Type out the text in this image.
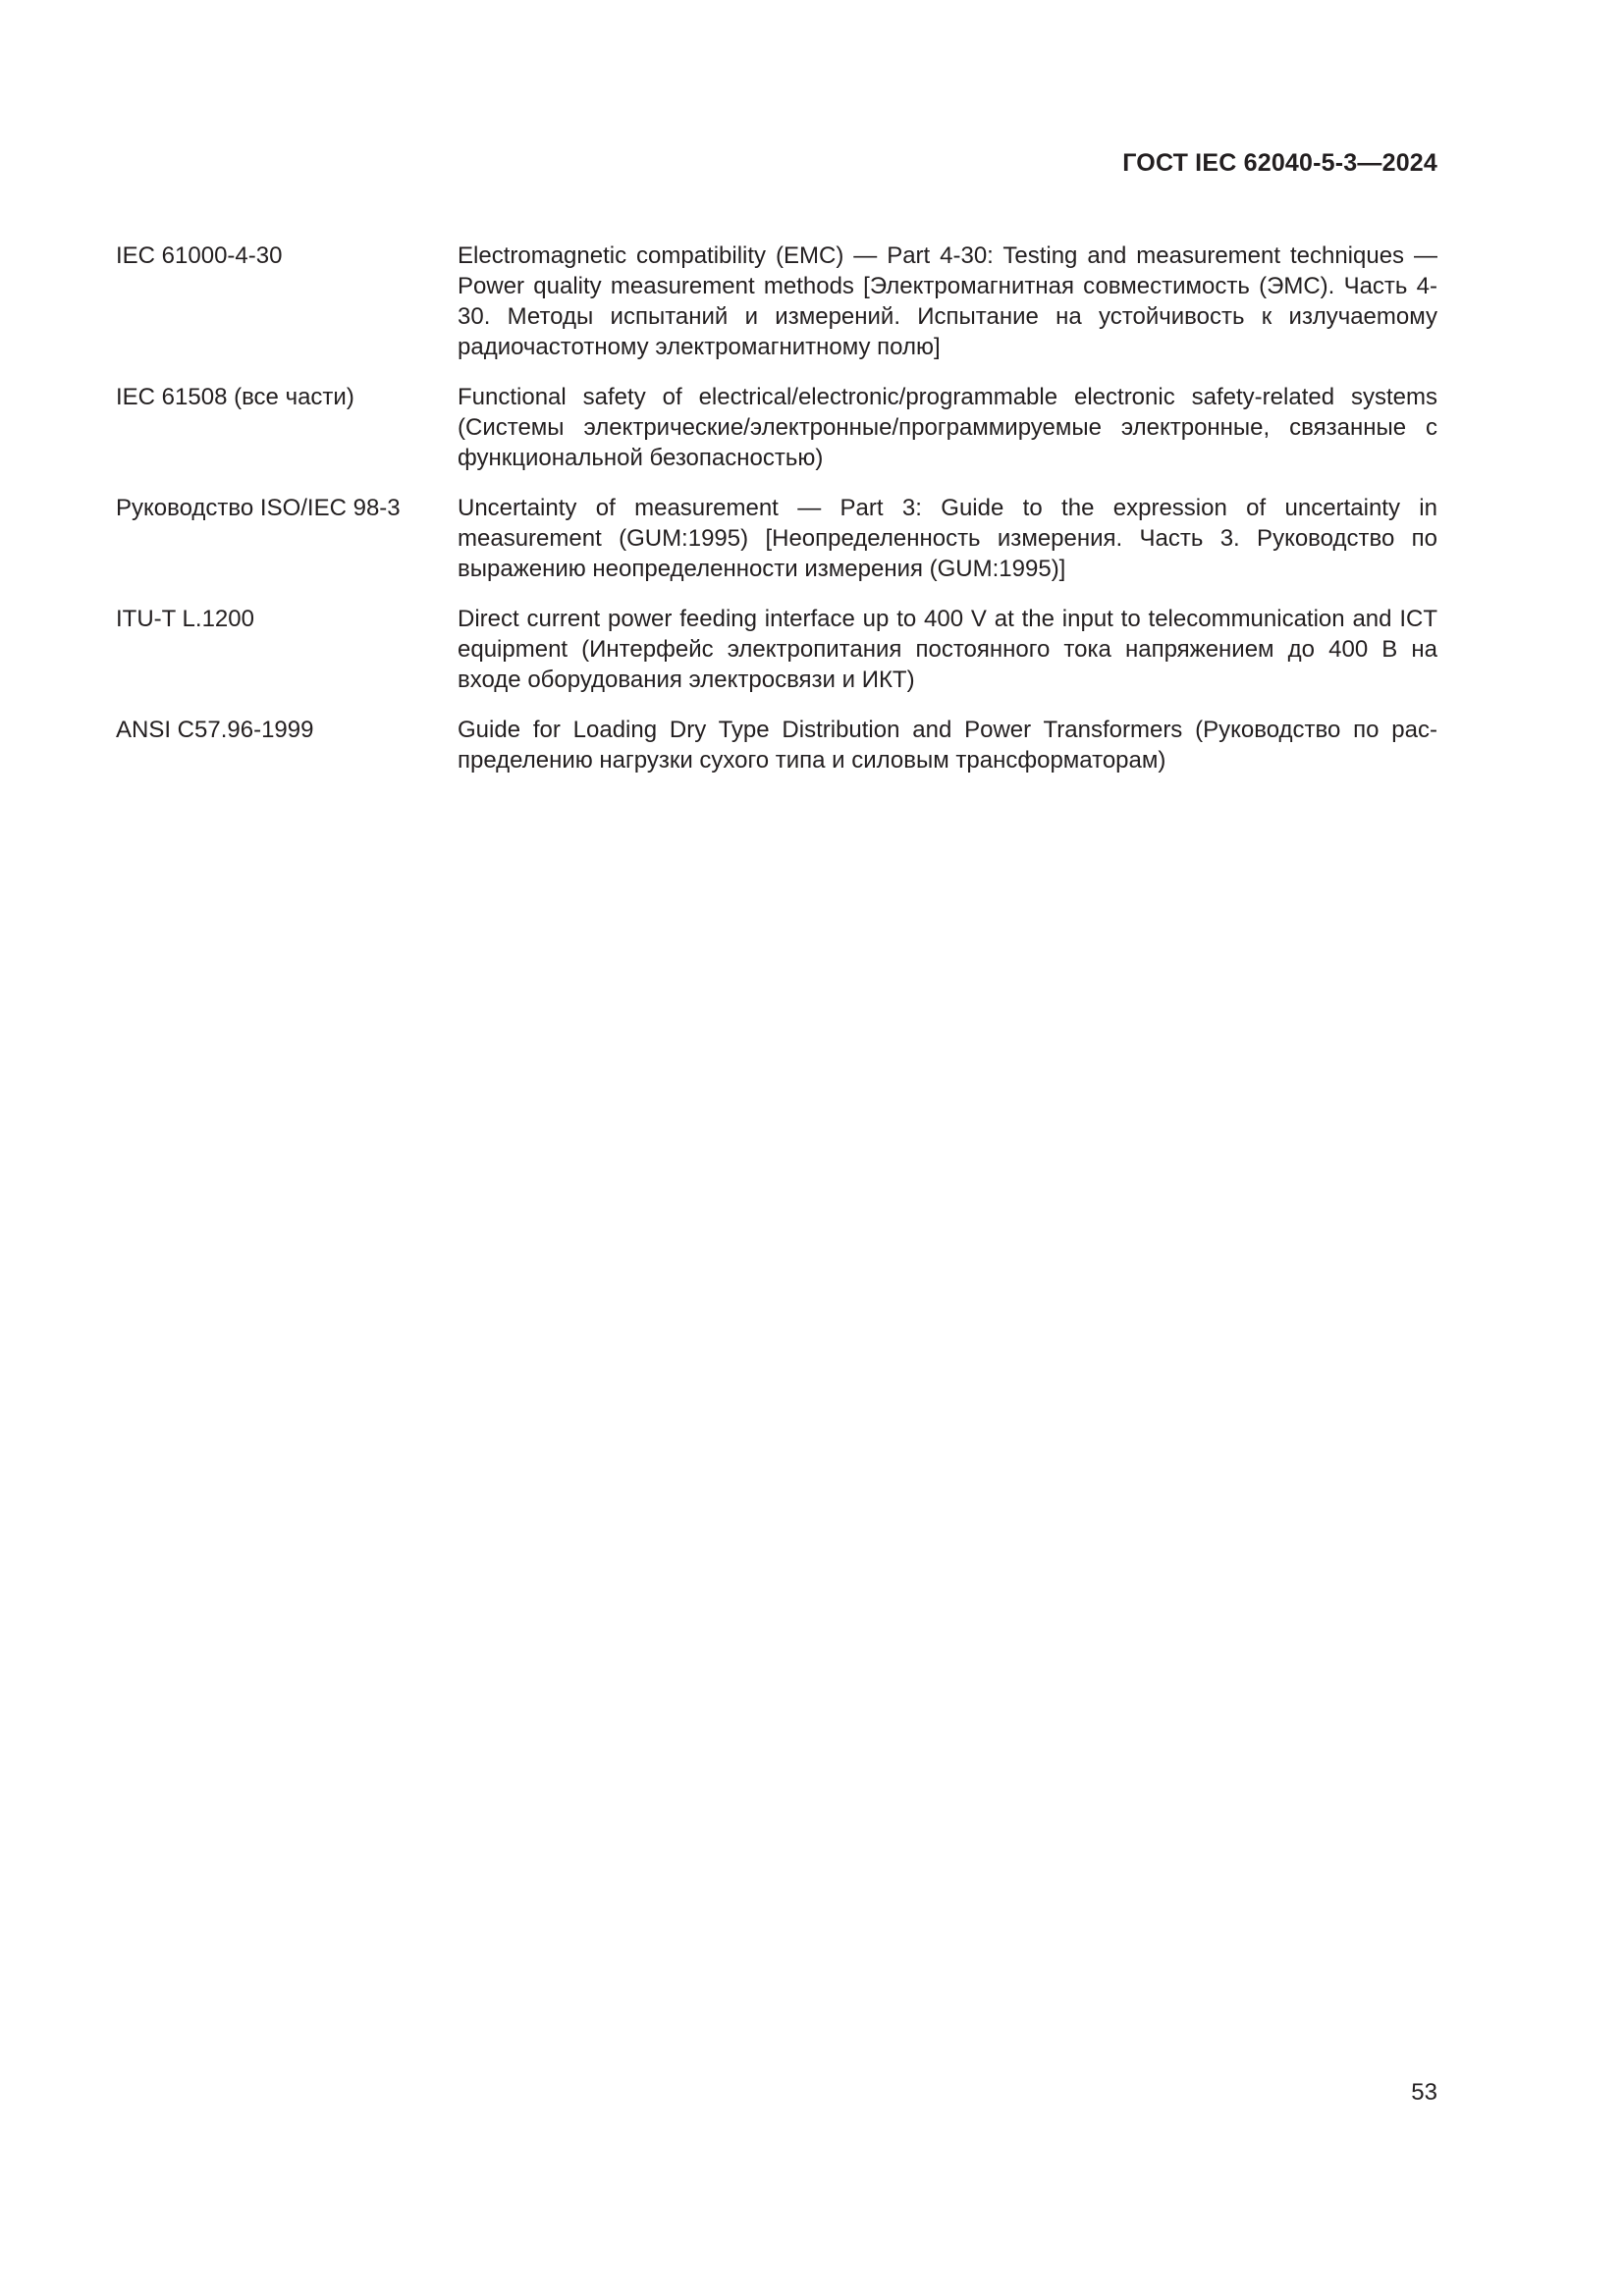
ГОСТ IEC 62040-5-3—2024
IEC 61000-4-30	Electromagnetic compatibility (EMC) — Part 4-30: Testing and measurement techniques — Power quality measurement methods [Электромагнитная совместимость (ЭМС). Часть 4-30. Методы испытаний и измерений. Испытание на устойчивость к излучаemому радиочастотному электромагнитному полю]
IEC 61508 (все части)	Functional safety of electrical/electronic/programmable electronic safety-related systems (Системы электрические/электронные/программируемые электронные, связанные с функциональной безопасностью)
Руководство ISO/IEC 98-3	Uncertainty of measurement — Part 3: Guide to the expression of uncertainty in measurement (GUM:1995) [Неопределенность измерения. Часть 3. Руководство по выражению неопределенности измерения (GUM:1995)]
ITU-T L.1200	Direct current power feeding interface up to 400 V at the input to telecommunication and ICT equipment (Интерфейс электропитания постоянного тока напряжением до 400 В на входе оборудования электросвязи и ИКТ)
ANSI C57.96-1999	Guide for Loading Dry Type Distribution and Power Transformers (Руководство по распределению нагрузки сухого типа и силовым трансформаторам)
53
